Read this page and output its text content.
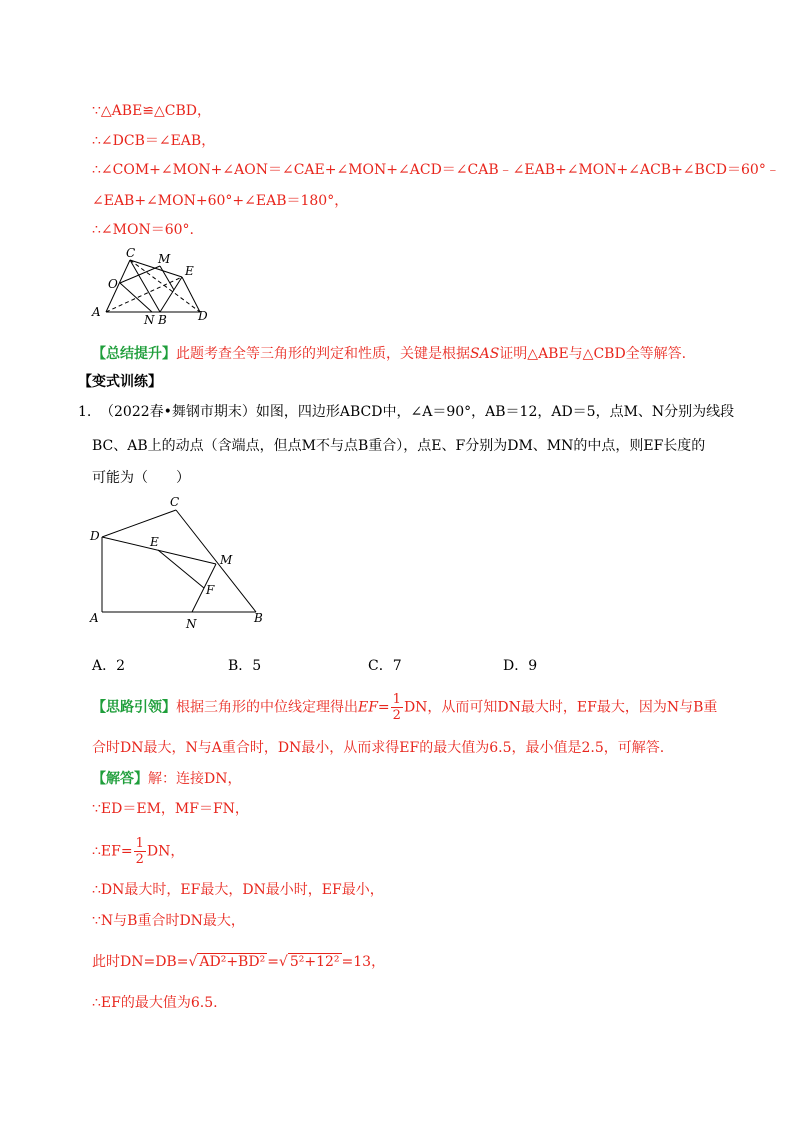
∵△ABE≌△CBD，
∴∠DCB＝∠EAB，
∴∠COM+∠MON+∠AON＝∠CAE+∠MON+∠ACD＝∠CAB﹣∠EAB+∠MON+∠ACB+∠BCD＝60°﹣
∠EAB+∠MON+60°+∠EAB＝180°，
∴∠MON＝60°.
C M
E
O
A
N B	D
【总结提升】此题考查全等三角形的判定和性质，关键是根据SAS证明△ABE与△CBD全等解答.
【变式训练】
1. （2022春•舞钢市期末）如图，四边形ABCD中，∠A＝90°，AB＝12，AD＝5，点M、N分别为线段
BC、AB上的动点（含端点，但点M不与点B重合），点E、F分别为DM、MN的中点，则EF长度的
可能为（　　）
C
D	E
M
F
A	N	B
A．2	B．5	C．7	D．9
【思路引领】根据三角形的中位线定理得出$EF= \frac{1}{2}$ DN，从而可知DN最大时，EF最大，因为N与B重
合时DN最大，N与A重合时，DN最小，从而求得EF的最大值为6.5，最小值是2.5，可解答.
【解答】解：连接DN，
∵ED＝EM，MF＝FN，
∴EF= $\frac{1}{2}$ DN，
∴DN最大时，EF最大，DN最小时，EF最小，
∵N与B重合时DN最大，
此时DN=DB=√ AD²+BD² =√ 5²+12² =13，
∴EF的最大值为6.5.
